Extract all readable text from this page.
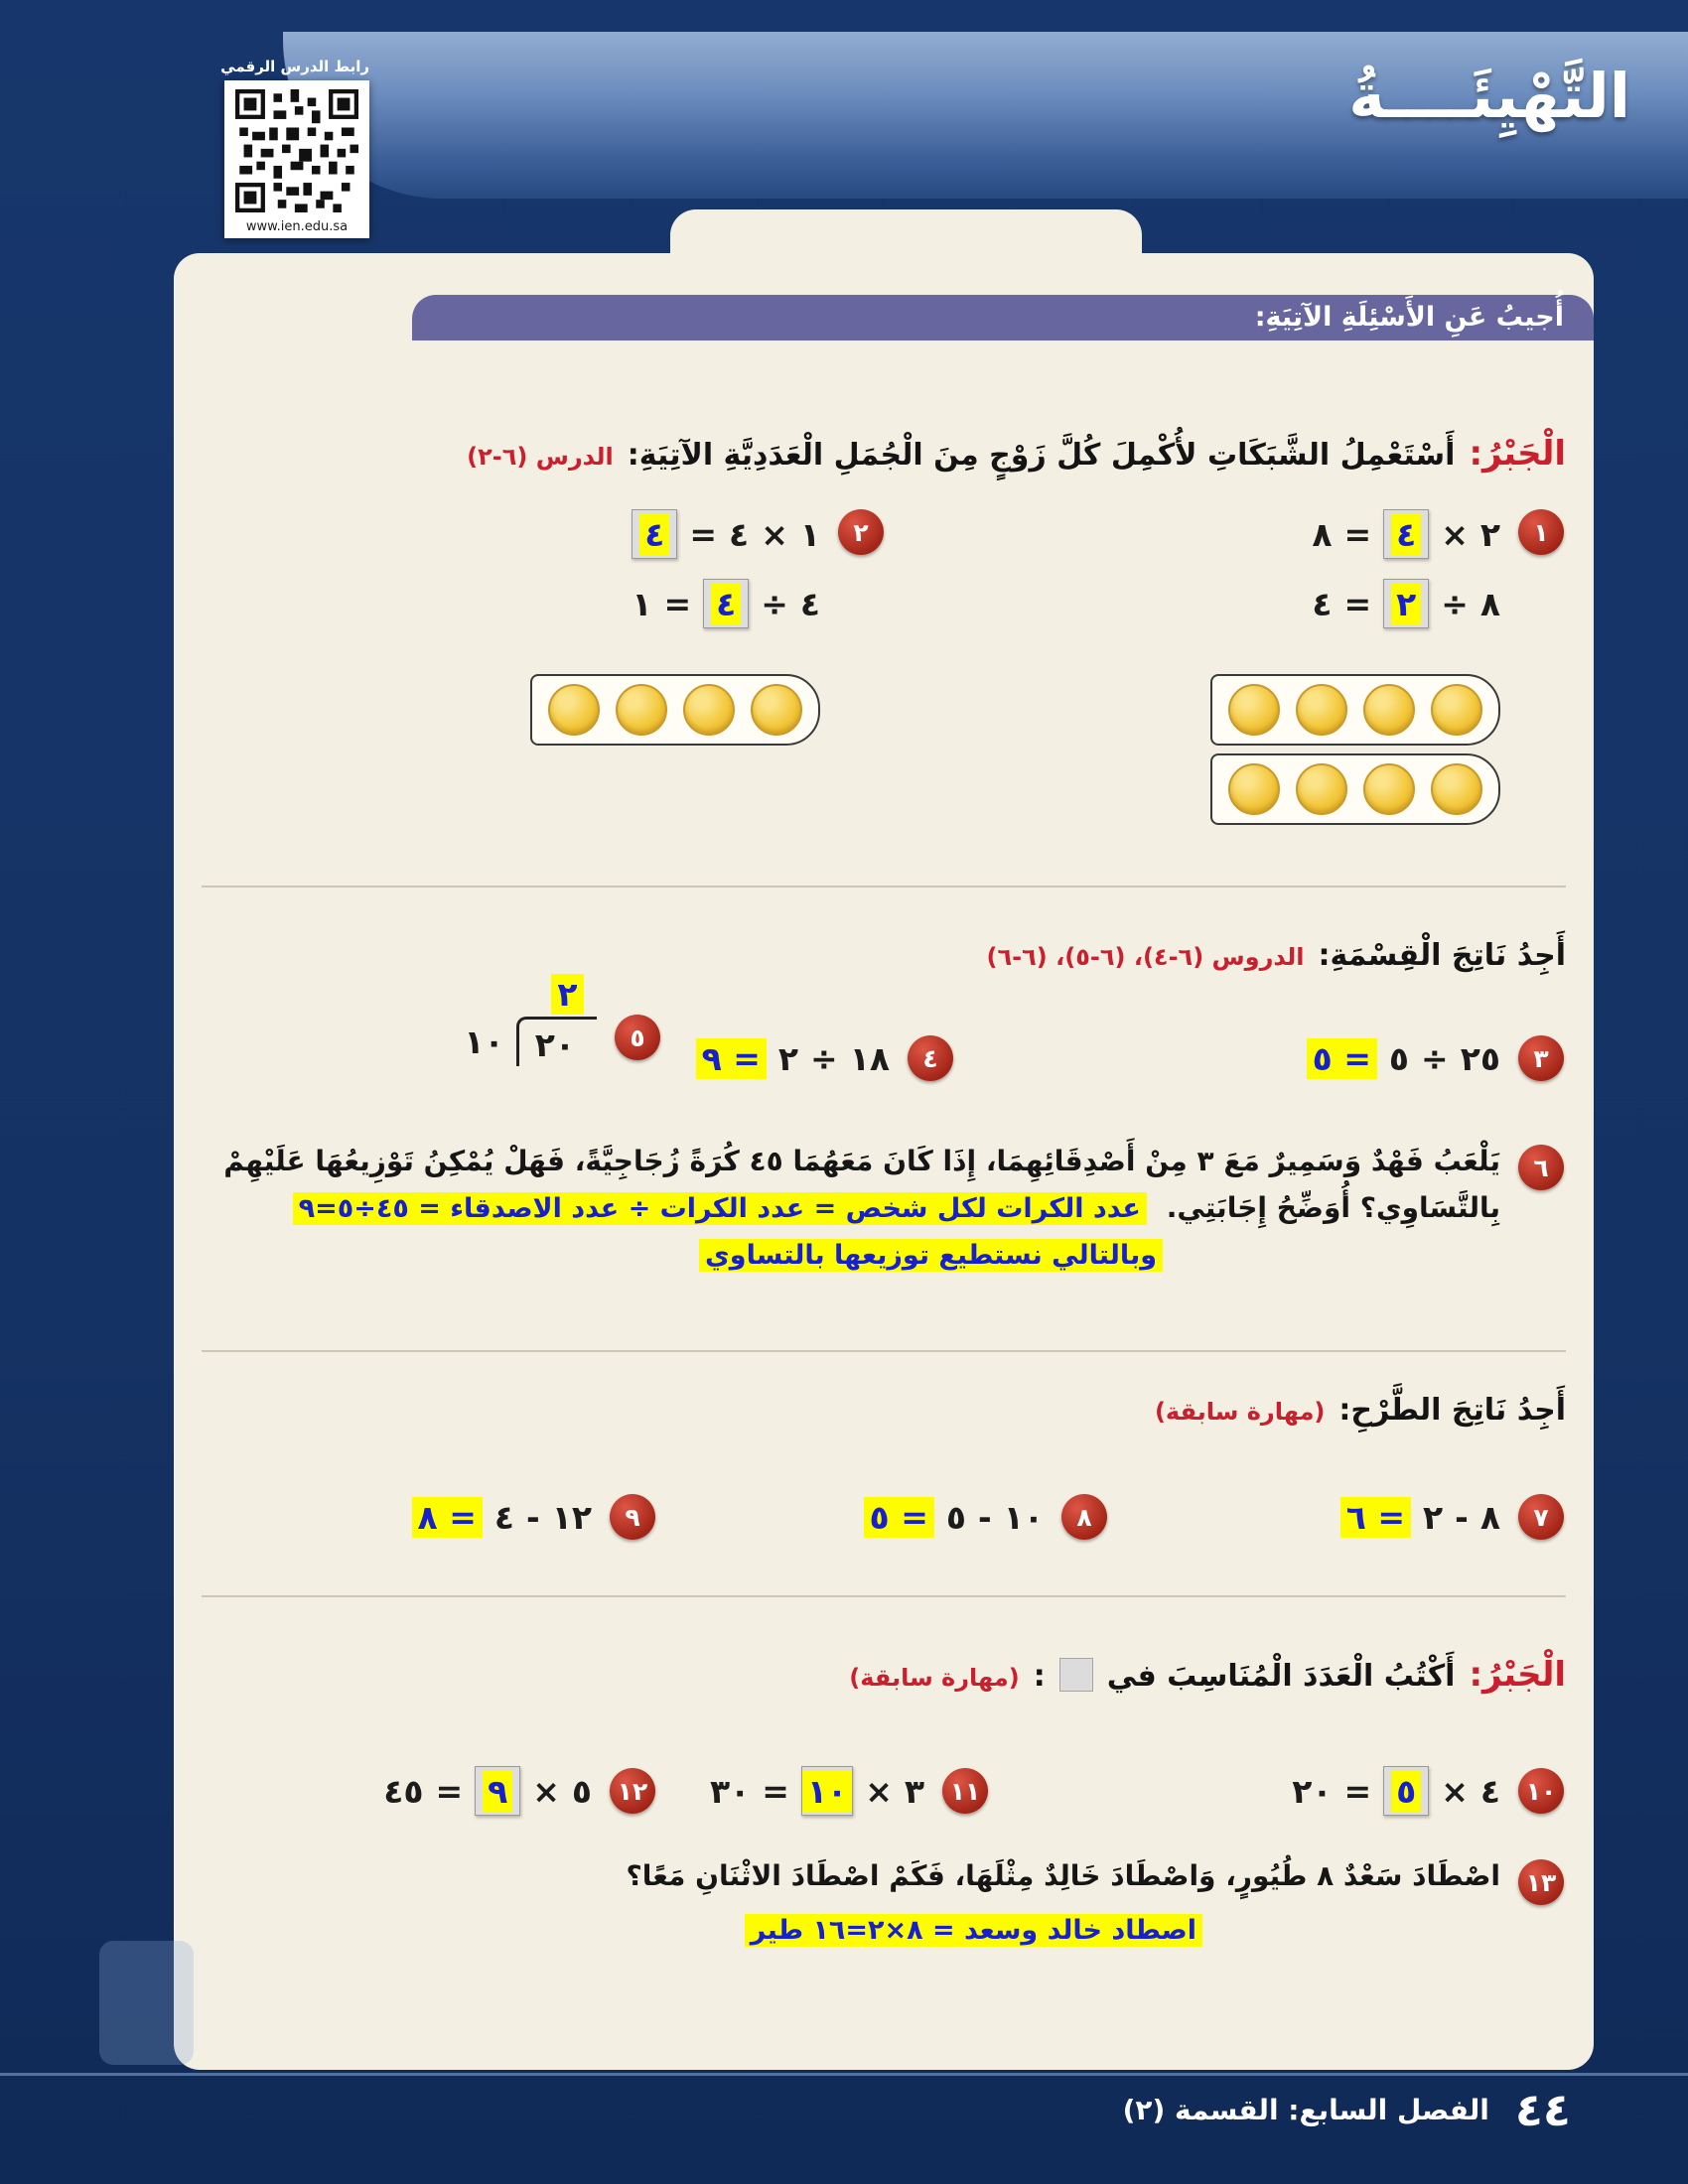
التَّهْيِئَــــةُ
رابط الدرس الرقمي
www.ien.edu.sa
أُجيبُ عَنِ الأَسْئِلَةِ الآتِيَةِ:
الْجَبْرُ:
أَسْتَعْمِلُ الشَّبَكَاتِ لأُكْمِلَ كُلَّ زَوْجٍ مِنَ الْجُمَلِ الْعَدَدِيَّةِ الآتِيَةِ:
الدرس (٦-٢)
١
٢
×
٤
=
٨
٨
÷
٢
=
٤
٢
١
×
٤
=
٤
٤
÷
٤
=
١
أَجِدُ نَاتِجَ الْقِسْمَةِ:
الدروس (٦-٤)، (٦-٥)، (٦-٦)
٣
٢٥
÷
٥
= ٥
٤
١٨
÷
٢
= ٩
٥
٢
١٠ ٢٠
٦
يَلْعَبُ فَهْدٌ وَسَمِيرٌ مَعَ ٣ مِنْ أَصْدِقَائِهِمَا، إِذَا كَانَ مَعَهُمَا ٤٥ كُرَةً زُجَاجِيَّةً، فَهَلْ يُمْكِنُ تَوْزِيعُهَا عَلَيْهِمْ
بِالتَّسَاوِي؟ أُوَضِّحُ إِجَابَتِي.
عدد الكرات لكل شخص = عدد الكرات ÷ عدد الاصدقاء = ٤٥÷٥=٩
وبالتالي نستطيع توزيعها بالتساوي
أَجِدُ نَاتِجَ الطَّرْحِ:
(مهارة سابقة)
٧
٨
-
٢
= ٦
٨
١٠
-
٥
= ٥
٩
١٢
-
٤
= ٨
الْجَبْرُ:
أَكْتُبُ الْعَدَدَ الْمُنَاسِبَ في
:
(مهارة سابقة)
١٠
٤
×
٥
=
٢٠
١١
٣
×
١٠
=
٣٠
١٢
٥
×
٩
=
٤٥
١٣
اصْطَادَ سَعْدٌ ٨ طُيُورٍ، وَاصْطَادَ خَالِدٌ مِثْلَهَا، فَكَمْ اصْطَادَ الاثْنَانِ مَعًا؟
اصطاد خالد وسعد = ٨×٢=١٦ طير
٤٤
الفصل السابع: القسمة (٢)
